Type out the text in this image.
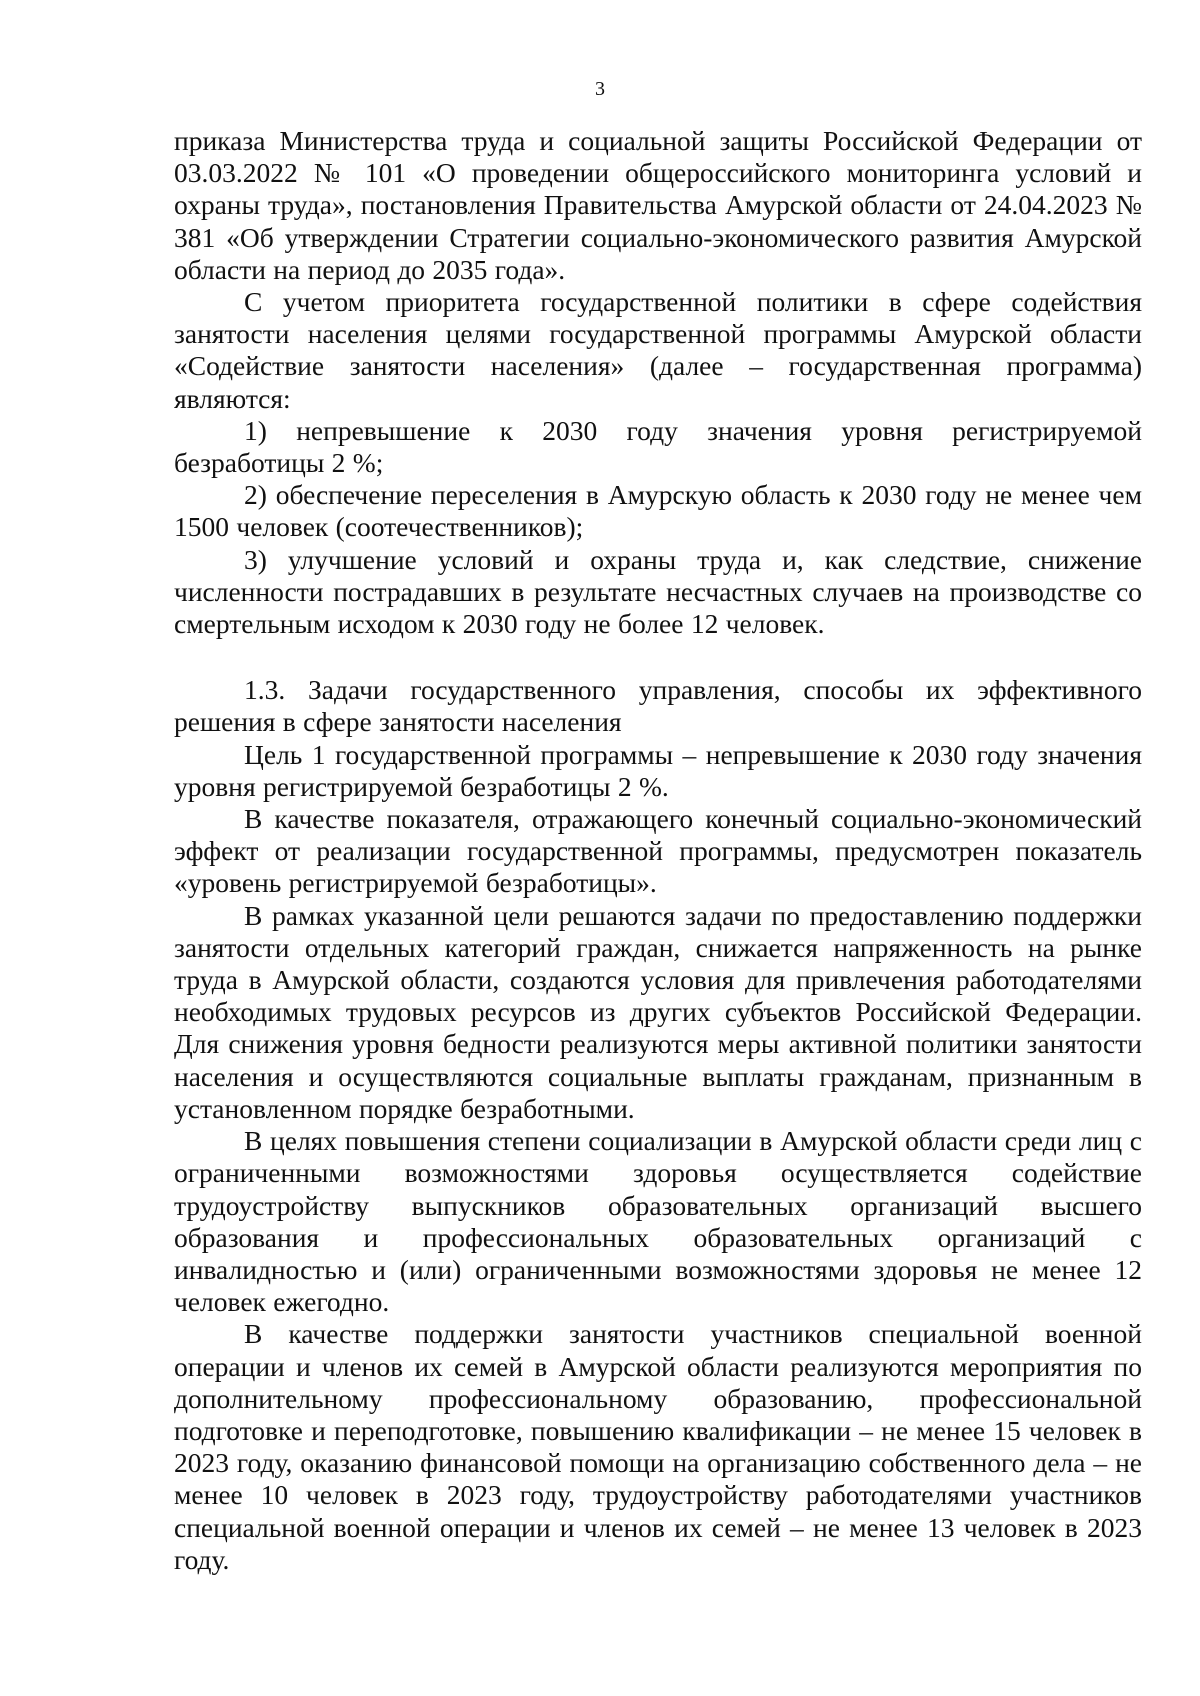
3

приказа Министерства труда и социальной защиты Российской Федерации от 03.03.2022 № 101 «О проведении общероссийского мониторинга условий и охраны труда», постановления Правительства Амурской области от 24.04.2023 № 381 «Об утверждении Стратегии социально-экономического развития Амурской области на период до 2035 года».

С учетом приоритета государственной политики в сфере содействия занятости населения целями государственной программы Амурской области «Содействие занятости населения» (далее – государственная программа) являются:

1) непревышение к 2030 году значения уровня регистрируемой безработицы 2 %;

2) обеспечение переселения в Амурскую область к 2030 году не менее чем 1500 человек (соотечественников);

3) улучшение условий и охраны труда и, как следствие, снижение численности пострадавших в результате несчастных случаев на производстве со смертельным исходом к 2030 году не более 12 человек.

1.3. Задачи государственного управления, способы их эффективного решения в сфере занятости населения

Цель 1 государственной программы – непревышение к 2030 году значения уровня регистрируемой безработицы 2 %.

В качестве показателя, отражающего конечный социально-экономический эффект от реализации государственной программы, предусмотрен показатель «уровень регистрируемой безработицы».

В рамках указанной цели решаются задачи по предоставлению поддержки занятости отдельных категорий граждан, снижается напряженность на рынке труда в Амурской области, создаются условия для привлечения работодателями необходимых трудовых ресурсов из других субъектов Российской Федерации. Для снижения уровня бедности реализуются меры активной политики занятости населения и осуществляются социальные выплаты гражданам, признанным в установленном порядке безработными.

В целях повышения степени социализации в Амурской области среди лиц с ограниченными возможностями здоровья осуществляется содействие трудоустройству выпускников образовательных организаций высшего образования и профессиональных образовательных организаций с инвалидностью и (или) ограниченными возможностями здоровья не менее 12 человек ежегодно.

В качестве поддержки занятости участников специальной военной операции и членов их семей в Амурской области реализуются мероприятия по дополнительному профессиональному образованию, профессиональной подготовке и переподготовке, повышению квалификации – не менее 15 человек в 2023 году, оказанию финансовой помощи на организацию собственного дела – не менее 10 человек в 2023 году, трудоустройству работодателями участников специальной военной операции и членов их семей – не менее 13 человек в 2023 году.
